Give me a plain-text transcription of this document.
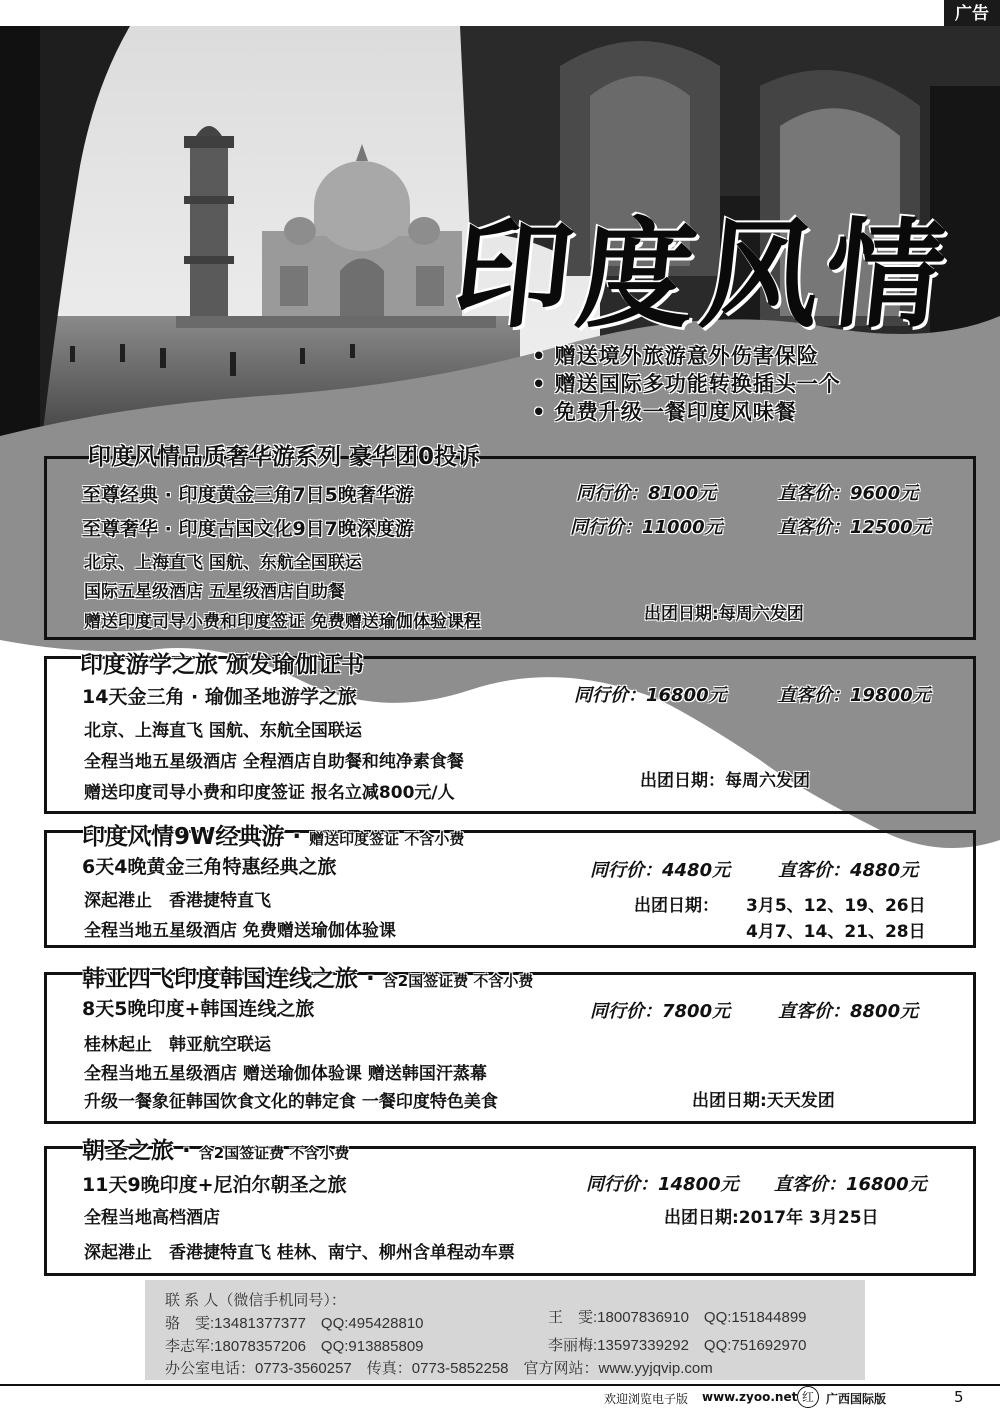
广告
印度风情
• 赠送境外旅游意外伤害保险
• 赠送国际多功能转换插头一个
• 免费升级一餐印度风味餐
印度风情品质奢华游系列 豪华团0投诉
至尊经典 · 印度黄金三角7日5晚奢华游	同行价：8100元	直客价：9600元
至尊奢华 · 印度古国文化9日7晚深度游	同行价：11000元	直客价：12500元
北京、上海直飞 国航、东航全国联运
国际五星级酒店 五星级酒店自助餐
赠送印度司导小费和印度签证 免费赠送瑜伽体验课程	出团日期:每周六发团
印度游学之旅 颁发瑜伽证书
14天金三角 · 瑜伽圣地游学之旅	同行价：16800元	直客价：19800元
北京、上海直飞 国航、东航全国联运
全程当地五星级酒店 全程酒店自助餐和纯净素食餐
赠送印度司导小费和印度签证 报名立减800元/人
出团日期：每周六发团
印度风情9W经典游 · 赠送印度签证 不含小费
6天4晚黄金三角特惠经典之旅	同行价：4480元	直客价：4880元
深起港止　香港捷特直飞
全程当地五星级酒店 免费赠送瑜伽体验课
出团日期： 3月5、12、19、26日
4月7、14、21、28日
韩亚四飞印度韩国连线之旅 · 含2国签证费 不含小费
8天5晚印度+韩国连线之旅	同行价：7800元	直客价：8800元
桂林起止　韩亚航空联运
全程当地五星级酒店 赠送瑜伽体验课 赠送韩国汗蒸幕
升级一餐象征韩国饮食文化的韩定食 一餐印度特色美食	出团日期:天天发团
朝圣之旅 · 含2国签证费 不含小费
11天9晚印度+尼泊尔朝圣之旅	同行价：14800元 直客价：16800元
全程当地高档酒店	出团日期:2017年 3月25日
深起港止　香港捷特直飞 桂林、南宁、柳州含单程动车票
联 系 人（微信手机同号）：
骆　雯:13481377377　QQ:495428810	王　雯:18007836910　QQ:151844899
李志军:18078357206　QQ:913885809	李丽梅:13597339292　QQ:751692970
办公室电话：0773-3560257　传真：0773-5852258　官方网站：www.yyjqvip.com
欢迎浏览电子版 www.zyoo.net 红	广西国际版	5
